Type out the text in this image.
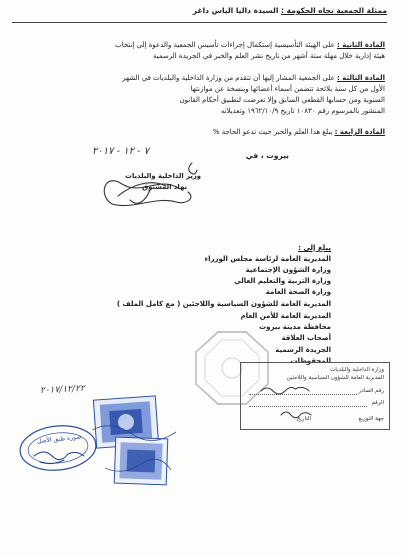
ممثلة الجمعية تجاه الحكومة : السيدة داليا الياس داغر
المادة الثانية : على الهيئة التأسيسية إستكمال إجراءات تأسيس الجمعية والدعوة إلى إنتخاب
هيئة إدارية خلال مهلة ستة أشهر من تاريخ نشر العلم والخبر في الجريدة الرسمية
المادة الثالثة : على الجمعية المشار إليها أن تتقدم من وزارة الداخلية والبلديات في الشهر
الأول من كل سنة بلائحة تتضمن أسماء أعضائها وبنسخة عن موازنتها
السنوية ومن حسابها القطعي السابق وإلا تعرضت لتطبيق أحكام القانون
المنشور بالمرسوم رقم ١٠٨٣٠ تاريخ ١٩٦٢/١٠/٩ وتعديلاته
المادة الرابعة : يبلغ هذا العلم والخبر حيث تدعو الحاجة %
بيروت ، في
٧ - ١٢ - ٢٠١٧
وزير الداخلية والبلديات
نهاد المشنوق
يبلغ إلى :
المديرية العامة لرئاسة مجلس الوزراء
وزارة الشؤون الإجتماعية
وزارة التربية والتعليم العالي
وزارة الصحة العامة
المديرية العامة للشؤون السياسية واللاجئين ( مع كامل الملف )
المديرية العامة للأمن العام
محافظة مدينة بيروت
أصحاب العلاقة
الجريدة الرسمية
المحفوظات
وزارة الداخلية والبلديات
المديرية العامة للشؤون السياسية واللاجئين
رقم الصادر
الرقم
جهة التوزيع
التاريخ
٢٠١٧/١٢/٢٢
صورة طبق الأصل
